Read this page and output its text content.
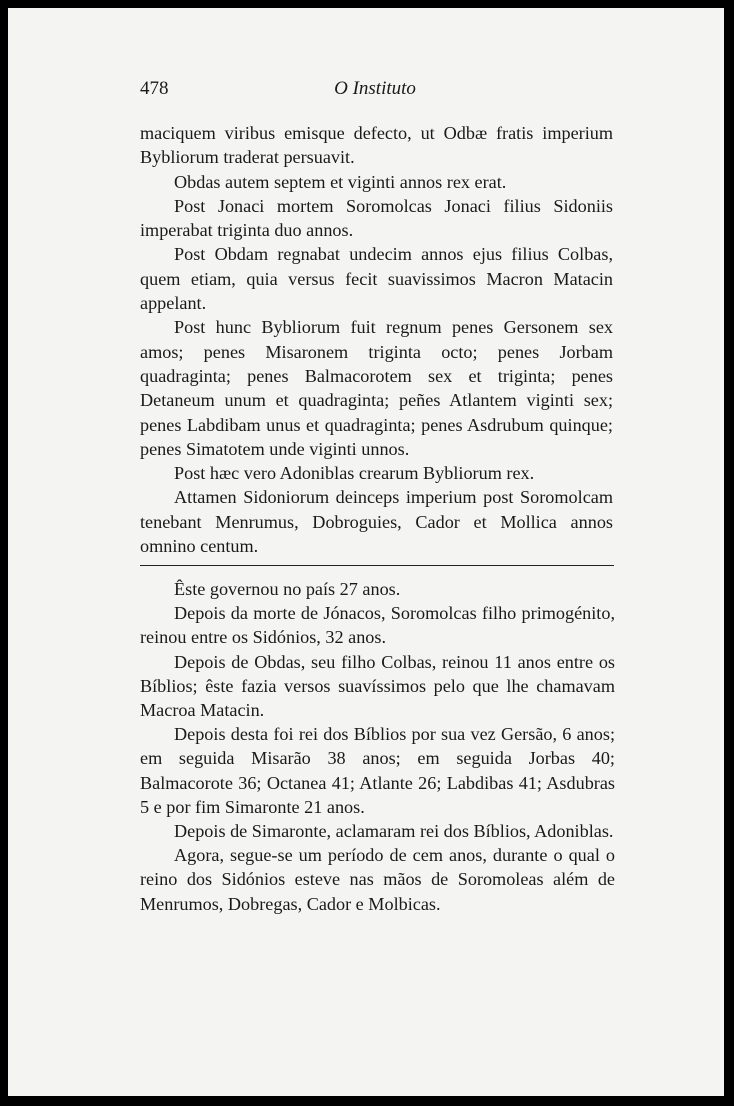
478	O Instituto

maciquem viribus emisque defecto, ut Odbæ fratis imperium Bybliorum traderat persuavit.

Obdas autem septem et viginti annos rex erat.

Post Jonaci mortem Soromolcas Jonaci filius Sidoniis imperabat triginta duo annos.

Post Obdam regnabat undecim annos ejus filius Colbas, quem etiam, quia versus fecit suavissimos Macron Matacin appelant.

Post hunc Bybliorum fuit regnum penes Gersonem sex amos; penes Misaronem triginta octo; penes Jorbam quadraginta; penes Balmacorotem sex et triginta; penes Detaneum unum et quadraginta; peñes Atlantem viginti sex; penes Labdibam unus et quadraginta; penes Asdrubum quinque; penes Simatotem unde viginti unnos.

Post hæc vero Adoniblas crearum Bybliorum rex.

Attamen Sidoniorum deinceps imperium post Soromolcam tenebant Menrumus, Dobroguies, Cador et Mollica annos omnino centum.

Êste governou no país 27 anos.

Depois da morte de Jónacos, Soromolcas filho primogénito, reinou entre os Sidónios, 32 anos.

Depois de Obdas, seu filho Colbas, reinou 11 anos entre os Bíblios; êste fazia versos suavíssimos pelo que lhe chamavam Macroa Matacin.

Depois desta foi rei dos Bíblios por sua vez Gersão, 6 anos; em seguida Misarão 38 anos; em seguida Jorbas 40; Balmacorote 36; Octanea 41; Atlante 26; Labdibas 41; Asdubras 5 e por fim Simaronte 21 anos.

Depois de Simaronte, aclamaram rei dos Bíblios, Adoniblas.

Agora, segue-se um período de cem anos, durante o qual o reino dos Sidónios esteve nas mãos de Soromoleas além de Menrumos, Dobregas, Cador e Molbicas.
